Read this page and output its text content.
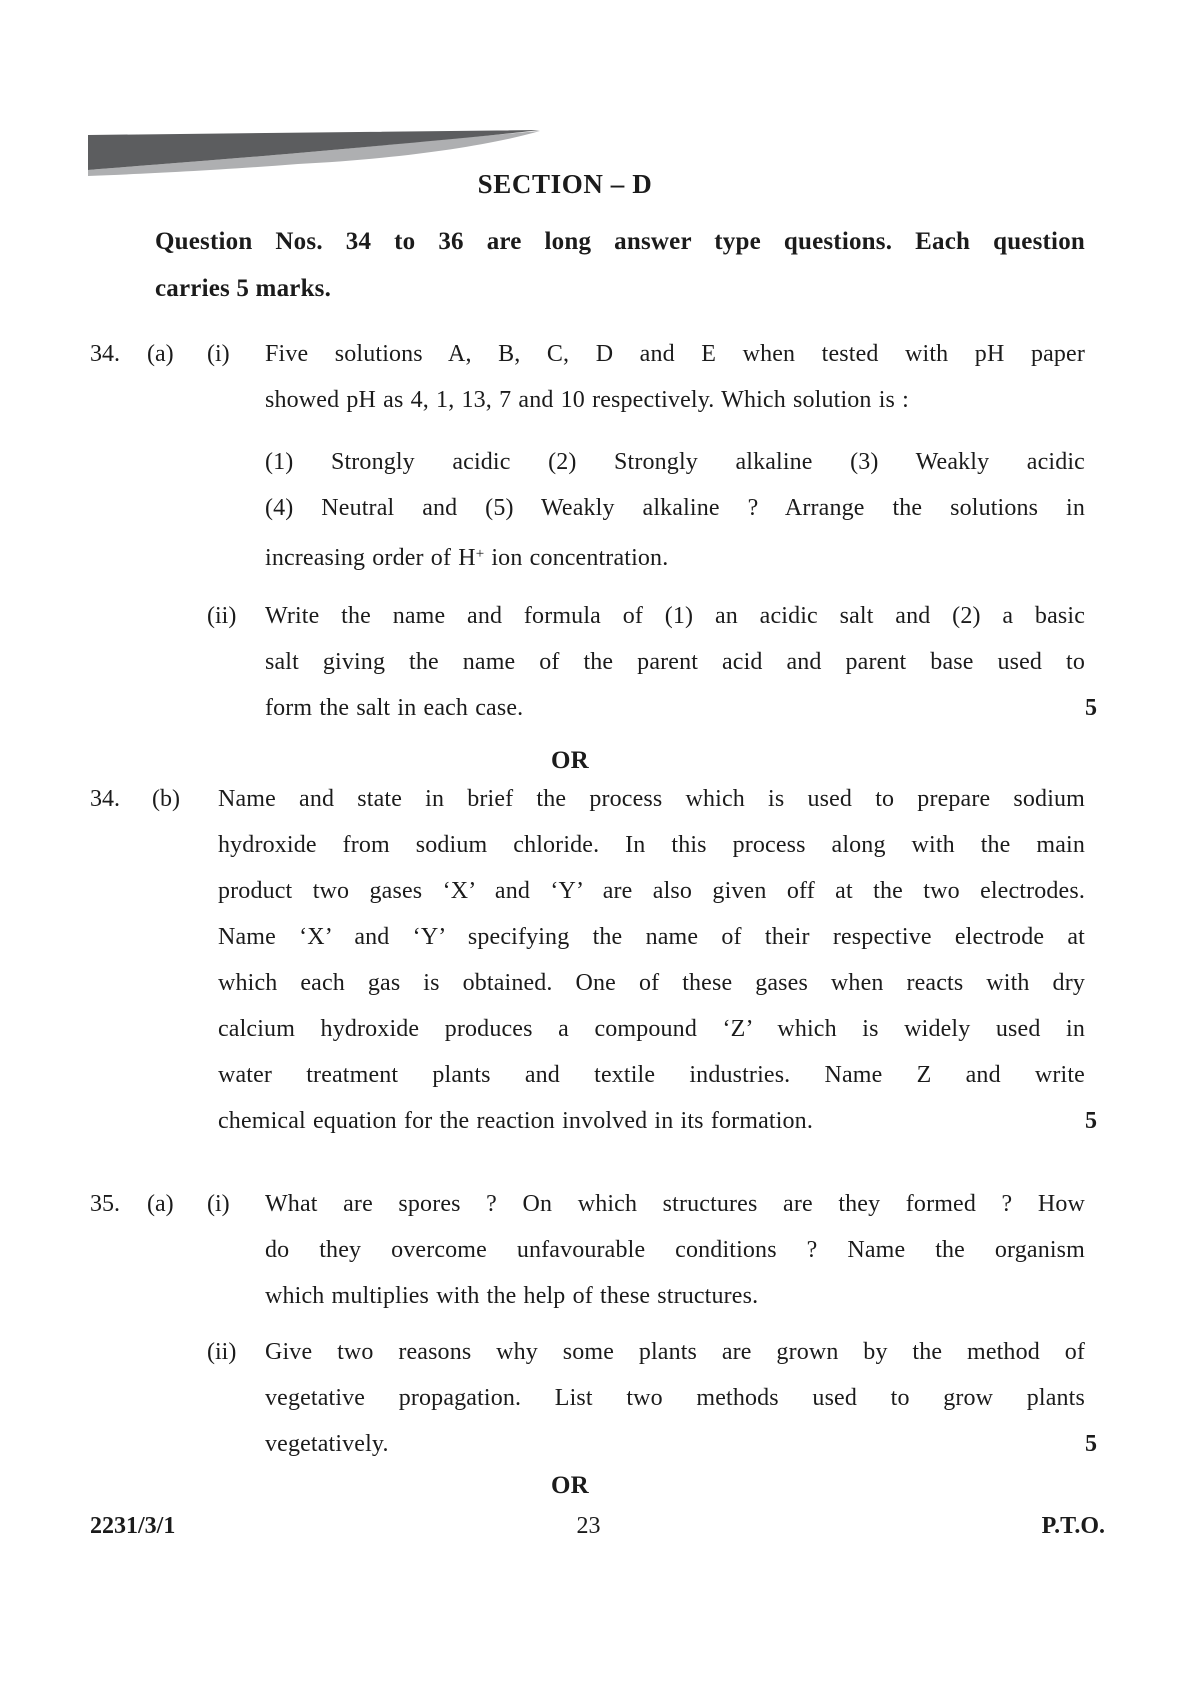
SECTION – D
Question Nos. 34 to 36 are long answer type questions. Each question
carries 5 marks.
34.	(a)	(i)	Five solutions A, B, C, D and E when tested with pH paper
showed pH as 4, 1, 13, 7 and 10 respectively. Which solution is :
(1) Strongly acidic (2) Strongly alkaline (3) Weakly acidic
(4) Neutral and (5) Weakly alkaline ? Arrange the solutions in
increasing order of H+ ion concentration.
(ii)	Write the name and formula of (1) an acidic salt and (2) a basic
salt giving the name of the parent acid and parent base used to
form the salt in each case.	5
OR
34.	(b)	Name and state in brief the process which is used to prepare sodium
hydroxide from sodium chloride. In this process along with the main
product two gases ‘X’ and ‘Y’ are also given off at the two electrodes.
Name ‘X’ and ‘Y’ specifying the name of their respective electrode at
which each gas is obtained. One of these gases when reacts with dry
calcium hydroxide produces a compound ‘Z’ which is widely used in
water treatment plants and textile industries. Name Z and write
chemical equation for the reaction involved in its formation.	5
35.	(a)	(i)	What are spores ? On which structures are they formed ? How
do they overcome unfavourable conditions ? Name the organism
which multiplies with the help of these structures.
(ii)	Give two reasons why some plants are grown by the method of
vegetative propagation. List two methods used to grow plants
vegetatively.	5
OR
2231/3/1	23	P.T.O.
